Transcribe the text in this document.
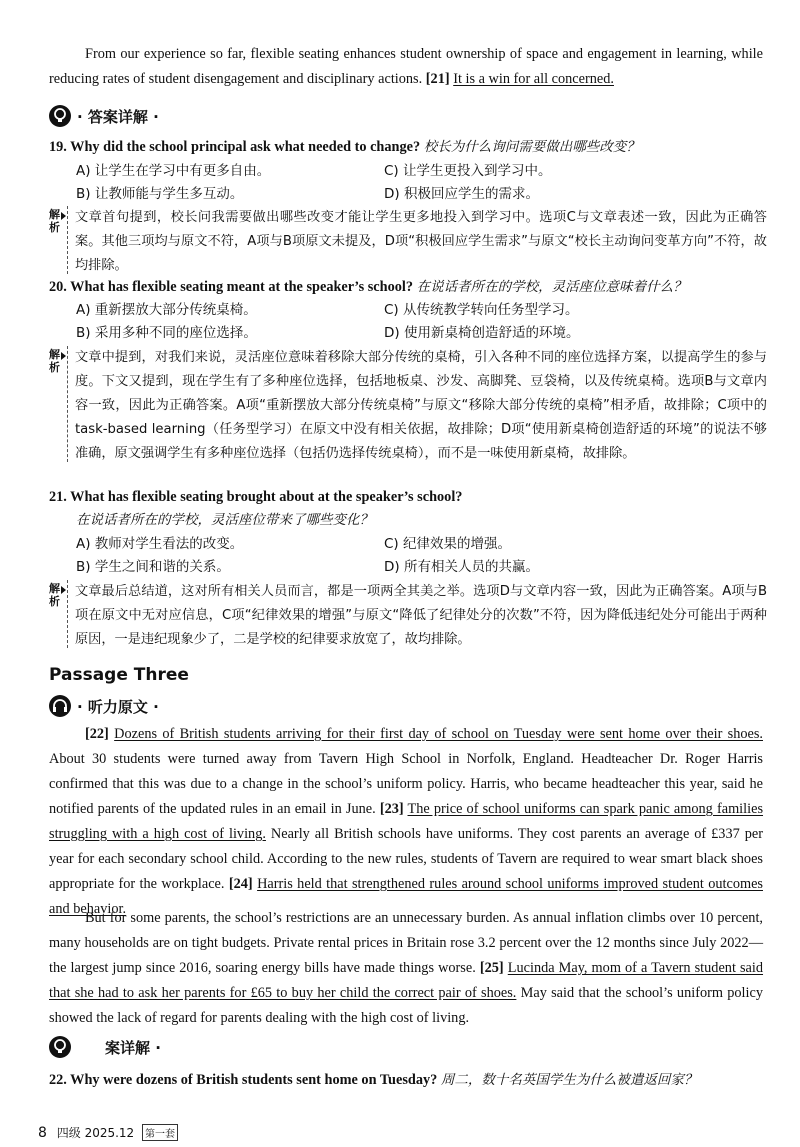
From our experience so far, flexible seating enhances student ownership of space and engagement in learning, while reducing rates of student disengagement and disciplinary actions. [21] It is a win for all concerned.
· 答案详解 ·
19. Why did the school principal ask what needed to change? 校长为什么询问需要做出哪些改变？
A) 让学生在学习中有更多自由。	C) 让学生更投入到学习中。
B) 让教师能与学生多互动。	D) 积极回应学生的需求。
解析
文章首句提到，校长问我需要做出哪些改变才能让学生更多地投入到学习中。选项C与文章表述一致，因此为正确答案。其他三项均与原文不符，A项与B项原文未提及，D项“积极回应学生需求”与原文“校长主动询问变革方向”不符，故均排除。
20. What has flexible seating meant at the speaker’s school? 在说话者所在的学校，灵活座位意味着什么？
A) 重新摆放大部分传统桌椅。	C) 从传统教学转向任务型学习。
B) 采用多种不同的座位选择。	D) 使用新桌椅创造舒适的环境。
解析
文章中提到，对我们来说，灵活座位意味着移除大部分传统的桌椅，引入各种不同的座位选择方案，以提高学生的参与度。下文又提到，现在学生有了多种座位选择，包括地板桌、沙发、高脚凳、豆袋椅，以及传统桌椅。选项B与文章内容一致，因此为正确答案。A项“重新摆放大部分传统桌椅”与原文“移除大部分传统的桌椅”相矛盾，故排除；C项中的task-based learning（任务型学习）在原文中没有相关依据，故排除；D项“使用新桌椅创造舒适的环境”的说法不够准确，原文强调学生有多种座位选择（包括仍选择传统桌椅），而不是一味使用新桌椅，故排除。
21. What has flexible seating brought about at the speaker’s school?
在说话者所在的学校，灵活座位带来了哪些变化？
A) 教师对学生看法的改变。	C) 纪律效果的增强。
B) 学生之间和谐的关系。	D) 所有相关人员的共赢。
解析
文章最后总结道，这对所有相关人员而言，都是一项两全其美之举。选项D与文章内容一致，因此为正确答案。A项与B项在原文中无对应信息，C项“纪律效果的增强”与原文“降低了纪律处分的次数”不符，因为降低违纪处分可能出于两种原因，一是违纪现象少了，二是学校的纪律要求放宽了，故均排除。
Passage Three
· 听力原文 ·
[22] Dozens of British students arriving for their first day of school on Tuesday were sent home over their shoes. About 30 students were turned away from Tavern High School in Norfolk, England. Headteacher Dr. Roger Harris confirmed that this was due to a change in the school’s uniform policy. Harris, who became headteacher this year, said he notified parents of the updated rules in an email in June. [23] The price of school uniforms can spark panic among families struggling with a high cost of living. Nearly all British schools have uniforms. They cost parents an average of £337 per year for each secondary school child. According to the new rules, students of Tavern are required to wear smart black shoes appropriate for the workplace. [24] Harris held that strengthened rules around school uniforms improved student outcomes and behavior.
But for some parents, the school’s restrictions are an unnecessary burden. As annual inflation climbs over 10 percent, many households are on tight budgets. Private rental prices in Britain rose 3.2 percent over the 12 months since July 2022—the largest jump since 2016, soaring energy bills have made things worse. [25] Lucinda May, mom of a Tavern student said that she had to ask her parents for £65 to buy her child the correct pair of shoes. May said that the school’s uniform policy showed the lack of regard for parents dealing with the high cost of living.
案详解 ·
22. Why were dozens of British students sent home on Tuesday? 周二，数十名英国学生为什么被遣返回家？
8 四级 2025.12 第一套
